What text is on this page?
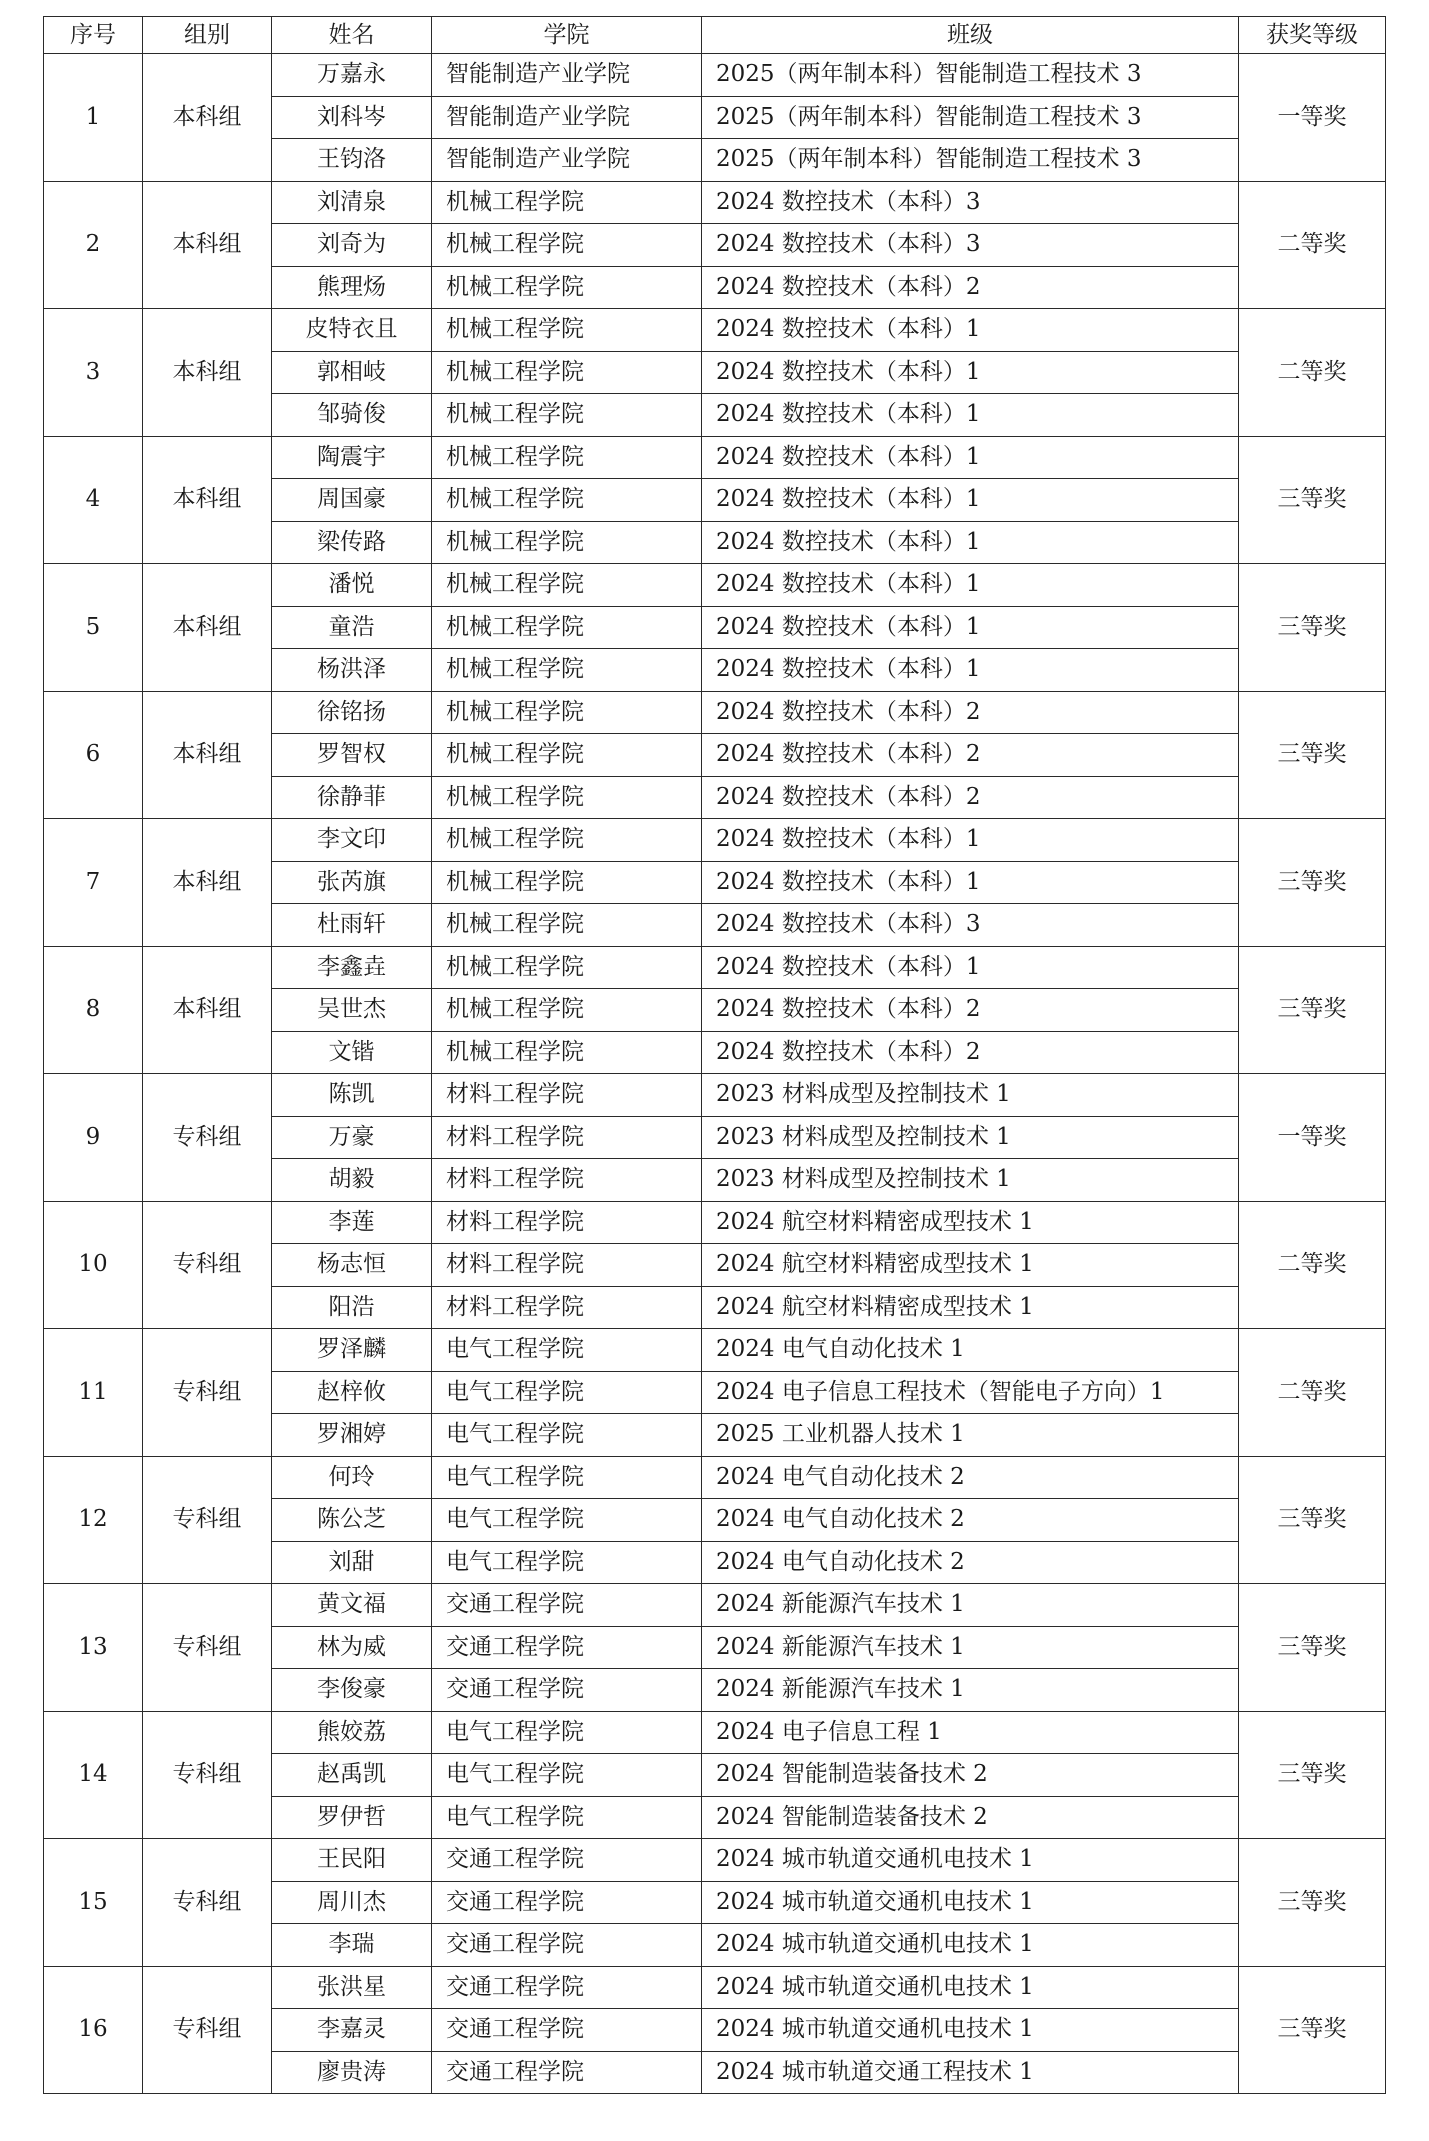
序号	组别	姓名	学院	班级	获奖等级
1	本科组	万嘉永	智能制造产业学院	2025（两年制本科）智能制造工程技术 3	一等奖
		刘科岑	智能制造产业学院	2025（两年制本科）智能制造工程技术 3	
		王钧洛	智能制造产业学院	2025（两年制本科）智能制造工程技术 3	
2	本科组	刘清泉	机械工程学院	2024 数控技术（本科）3	二等奖
		刘奇为	机械工程学院	2024 数控技术（本科）3	
		熊理炀	机械工程学院	2024 数控技术（本科）2	
3	本科组	皮特衣且	机械工程学院	2024 数控技术（本科）1	二等奖
		郭相岐	机械工程学院	2024 数控技术（本科）1	
		邹骑俊	机械工程学院	2024 数控技术（本科）1	
4	本科组	陶震宇	机械工程学院	2024 数控技术（本科）1	三等奖
		周国豪	机械工程学院	2024 数控技术（本科）1	
		梁传路	机械工程学院	2024 数控技术（本科）1	
5	本科组	潘悦	机械工程学院	2024 数控技术（本科）1	三等奖
		童浩	机械工程学院	2024 数控技术（本科）1	
		杨洪泽	机械工程学院	2024 数控技术（本科）1	
6	本科组	徐铭扬	机械工程学院	2024 数控技术（本科）2	三等奖
		罗智权	机械工程学院	2024 数控技术（本科）2	
		徐静菲	机械工程学院	2024 数控技术（本科）2	
7	本科组	李文印	机械工程学院	2024 数控技术（本科）1	三等奖
		张芮旗	机械工程学院	2024 数控技术（本科）1	
		杜雨轩	机械工程学院	2024 数控技术（本科）3	
8	本科组	李鑫垚	机械工程学院	2024 数控技术（本科）1	三等奖
		吴世杰	机械工程学院	2024 数控技术（本科）2	
		文锴	机械工程学院	2024 数控技术（本科）2	
9	专科组	陈凯	材料工程学院	2023 材料成型及控制技术 1	一等奖
		万豪	材料工程学院	2023 材料成型及控制技术 1	
		胡毅	材料工程学院	2023 材料成型及控制技术 1	
10	专科组	李莲	材料工程学院	2024 航空材料精密成型技术 1	二等奖
		杨志恒	材料工程学院	2024 航空材料精密成型技术 1	
		阳浩	材料工程学院	2024 航空材料精密成型技术 1	
11	专科组	罗泽麟	电气工程学院	2024 电气自动化技术 1	二等奖
		赵梓攸	电气工程学院	2024 电子信息工程技术（智能电子方向）1	
		罗湘婷	电气工程学院	2025 工业机器人技术 1	
12	专科组	何玲	电气工程学院	2024 电气自动化技术 2	三等奖
		陈公芝	电气工程学院	2024 电气自动化技术 2	
		刘甜	电气工程学院	2024 电气自动化技术 2	
13	专科组	黄文福	交通工程学院	2024 新能源汽车技术 1	三等奖
		林为威	交通工程学院	2024 新能源汽车技术 1	
		李俊豪	交通工程学院	2024 新能源汽车技术 1	
14	专科组	熊姣荔	电气工程学院	2024 电子信息工程 1	三等奖
		赵禹凯	电气工程学院	2024 智能制造装备技术 2	
		罗伊哲	电气工程学院	2024 智能制造装备技术 2	
15	专科组	王民阳	交通工程学院	2024 城市轨道交通机电技术 1	三等奖
		周川杰	交通工程学院	2024 城市轨道交通机电技术 1	
		李瑞	交通工程学院	2024 城市轨道交通机电技术 1	
16	专科组	张洪星	交通工程学院	2024 城市轨道交通机电技术 1	三等奖
		李嘉灵	交通工程学院	2024 城市轨道交通机电技术 1	
		廖贵涛	交通工程学院	2024 城市轨道交通工程技术 1	
